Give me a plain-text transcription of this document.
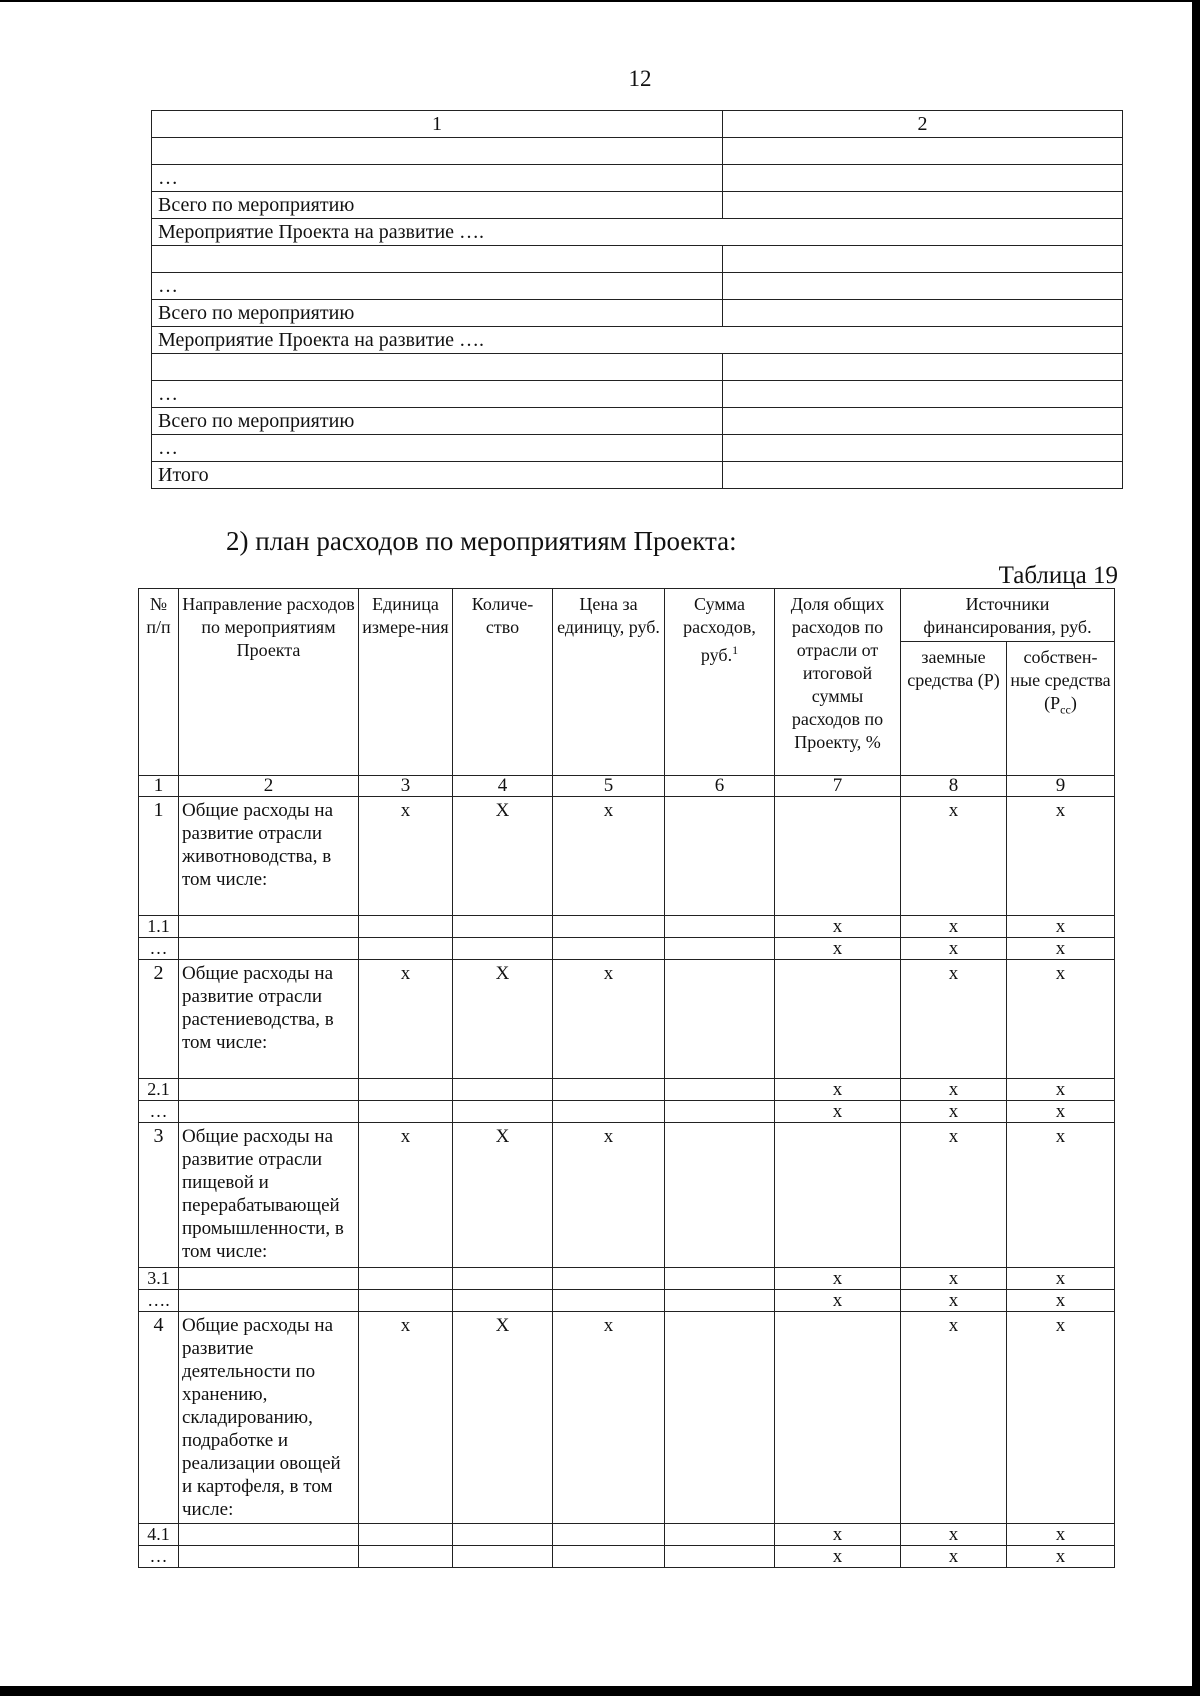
12
1	2

…	
Всего по мероприятию	
Мероприятие Проекта на развитие ….	

…	
Всего по мероприятию	
Мероприятие Проекта на развитие ….	

…	
Всего по мероприятию	
…	
Итого	
2) план расходов по мероприятиям Проекта:
Таблица 19
№ п/п	Направление расходов по мероприятиям Проекта	Единица измере-ния	Количе-ство	Цена за единицу, руб.	Сумма расходов, руб.$^1$	Доля общих расходов по отрасли от итоговой суммы расходов по Проекту, %	Источники финансирования, руб.	
							заемные средства (Р)	собствен-ные средства $(Р_{сс})$
1	2	3	4	5	6	7	8	9
1	Общие расходы на развитие отрасли животноводства, в том числе:	х	Х	х			х	х
1.1						х	х	х
…						х	х	х
2	Общие расходы на развитие отрасли растениеводства, в том числе:	х	Х	х			х	х
2.1						х	х	х
…						х	х	х
3	Общие расходы на развитие отрасли пищевой и перерабатывающей промышленности, в том числе:	х	Х	х			х	х
3.1						х	х	х
….						х	х	х
4	Общие расходы на развитие деятельности по хранению, складированию, подработке и реализации овощей и картофеля, в том числе:	х	Х	х			х	х
4.1						х	х	х
…						х	х	х
